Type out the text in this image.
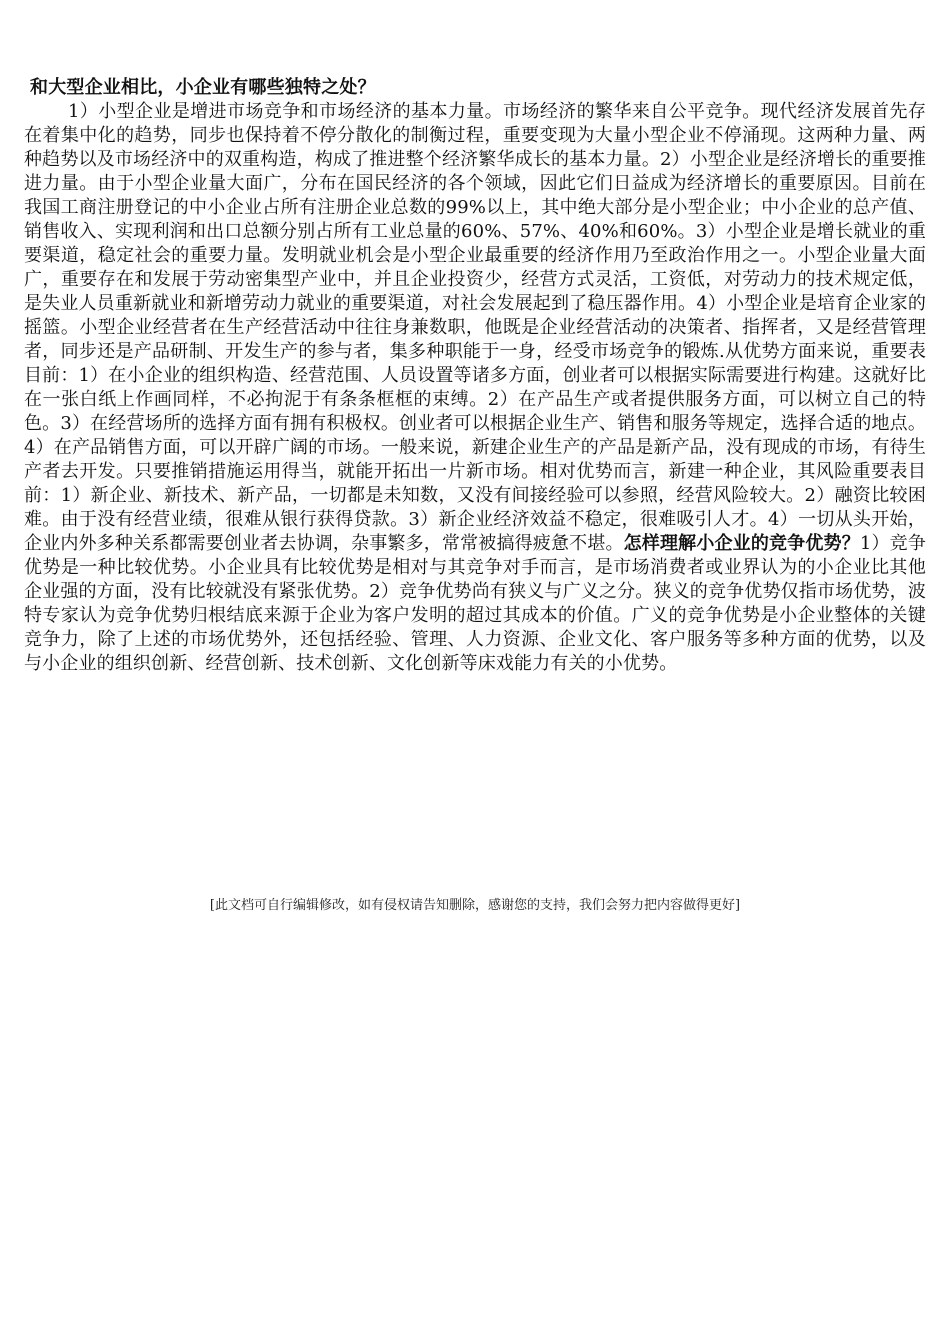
和大型企业相比，小企业有哪些独特之处？

1）小型企业是增进市场竞争和市场经济的基本力量。市场经济的繁华来自公平竞争。现代经济发展首先存在着集中化的趋势，同步也保持着不停分散化的制衡过程，重要变现为大量小型企业不停涌现。这两种力量、两种趋势以及市场经济中的双重构造，构成了推进整个经济繁华成长的基本力量。2）小型企业是经济增长的重要推进力量。由于小型企业量大面广，分布在国民经济的各个领域，因此它们日益成为经济增长的重要原因。目前在我国工商注册登记的中小企业占所有注册企业总数的99%以上，其中绝大部分是小型企业；中小企业的总产值、销售收入、实现利润和出口总额分别占所有工业总量的60%、57%、40%和60%。3）小型企业是增长就业的重要渠道，稳定社会的重要力量。发明就业机会是小型企业最重要的经济作用乃至政治作用之一。小型企业量大面广，重要存在和发展于劳动密集型产业中，并且企业投资少，经营方式灵活，工资低，对劳动力的技术规定低，是失业人员重新就业和新增劳动力就业的重要渠道，对社会发展起到了稳压器作用。4）小型企业是培育企业家的摇篮。小型企业经营者在生产经营活动中往往身兼数职，他既是企业经营活动的决策者、指挥者，又是经营管理者，同步还是产品研制、开发生产的参与者，集多种职能于一身，经受市场竞争的锻炼.从优势方面来说，重要表目前：1）在小企业的组织构造、经营范围、人员设置等诸多方面，创业者可以根据实际需要进行构建。这就好比在一张白纸上作画同样，不必拘泥于有条条框框的束缚。2）在产品生产或者提供服务方面，可以树立自己的特色。3）在经营场所的选择方面有拥有积极权。创业者可以根据企业生产、销售和服务等规定，选择合适的地点。4）在产品销售方面，可以开辟广阔的市场。一般来说，新建企业生产的产品是新产品，没有现成的市场，有待生产者去开发。只要推销措施运用得当，就能开拓出一片新市场。相对优势而言，新建一种企业，其风险重要表目前：1）新企业、新技术、新产品，一切都是未知数，又没有间接经验可以参照，经营风险较大。2）融资比较困难。由于没有经营业绩，很难从银行获得贷款。3）新企业经济效益不稳定，很难吸引人才。4）一切从头开始，企业内外多种关系都需要创业者去协调，杂事繁多，常常被搞得疲惫不堪。怎样理解小企业的竞争优势？1）竞争优势是一种比较优势。小企业具有比较优势是相对与其竞争对手而言，是市场消费者或业界认为的小企业比其他企业强的方面，没有比较就没有紧张优势。2）竞争优势尚有狭义与广义之分。狭义的竞争优势仅指市场优势，波特专家认为竞争优势归根结底来源于企业为客户发明的超过其成本的价值。广义的竞争优势是小企业整体的关键竞争力，除了上述的市场优势外，还包括经验、管理、人力资源、企业文化、客户服务等多种方面的优势，以及与小企业的组织创新、经营创新、技术创新、文化创新等床戏能力有关的小优势。

[此文档可自行编辑修改，如有侵权请告知删除，感谢您的支持，我们会努力把内容做得更好]
